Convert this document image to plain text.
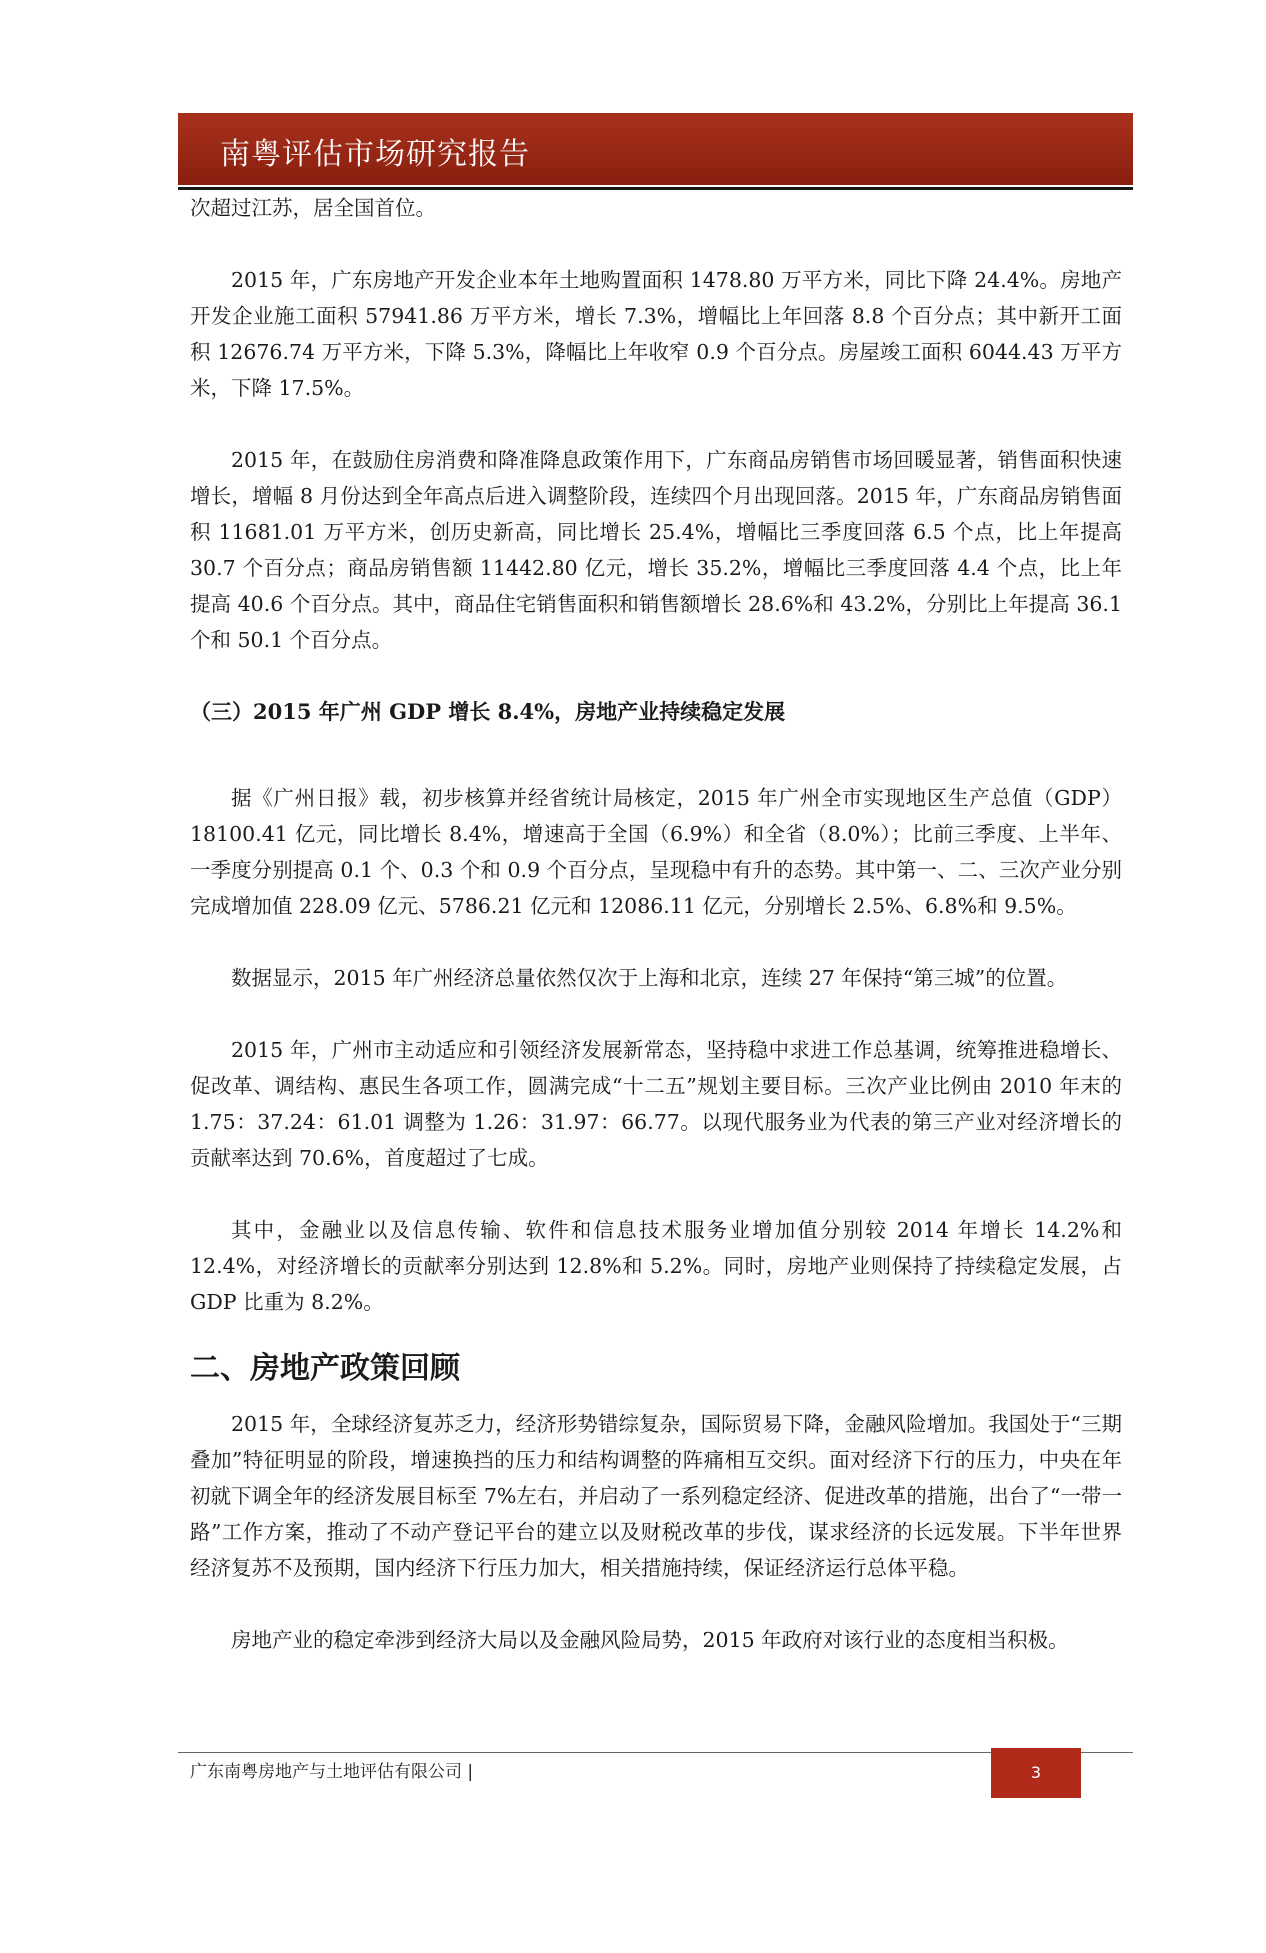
南粤评估市场研究报告

次超过江苏，居全国首位。

2015 年，广东房地产开发企业本年土地购置面积 1478.80 万平方米，同比下降 24.4%。房地产开发企业施工面积 57941.86 万平方米，增长 7.3%，增幅比上年回落 8.8 个百分点；其中新开工面积 12676.74 万平方米，下降 5.3%，降幅比上年收窄 0.9 个百分点。房屋竣工面积 6044.43 万平方米，下降 17.5%。

2015 年，在鼓励住房消费和降准降息政策作用下，广东商品房销售市场回暖显著，销售面积快速增长，增幅 8 月份达到全年高点后进入调整阶段，连续四个月出现回落。2015 年，广东商品房销售面积 11681.01 万平方米，创历史新高，同比增长 25.4%，增幅比三季度回落 6.5 个点，比上年提高 30.7 个百分点；商品房销售额 11442.80 亿元，增长 35.2%，增幅比三季度回落 4.4 个点，比上年提高 40.6 个百分点。其中，商品住宅销售面积和销售额增长 28.6%和 43.2%，分别比上年提高 36.1 个和 50.1 个百分点。

（三）2015 年广州 GDP 增长 8.4%，房地产业持续稳定发展

据《广州日报》载，初步核算并经省统计局核定，2015 年广州全市实现地区生产总值（GDP）18100.41 亿元，同比增长 8.4%，增速高于全国（6.9%）和全省（8.0%）；比前三季度、上半年、一季度分别提高 0.1 个、0.3 个和 0.9 个百分点，呈现稳中有升的态势。其中第一、二、三次产业分别完成增加值 228.09 亿元、5786.21 亿元和 12086.11 亿元，分别增长 2.5%、6.8%和 9.5%。

数据显示，2015 年广州经济总量依然仅次于上海和北京，连续 27 年保持“第三城”的位置。

2015 年，广州市主动适应和引领经济发展新常态，坚持稳中求进工作总基调，统筹推进稳增长、促改革、调结构、惠民生各项工作，圆满完成“十二五”规划主要目标。三次产业比例由 2010 年末的 1.75：37.24：61.01 调整为 1.26：31.97：66.77。以现代服务业为代表的第三产业对经济增长的贡献率达到 70.6%，首度超过了七成。

其中，金融业以及信息传输、软件和信息技术服务业增加值分别较 2014 年增长 14.2%和 12.4%，对经济增长的贡献率分别达到 12.8%和 5.2%。同时，房地产业则保持了持续稳定发展，占 GDP 比重为 8.2%。

二、房地产政策回顾

2015 年，全球经济复苏乏力，经济形势错综复杂，国际贸易下降，金融风险增加。我国处于“三期叠加”特征明显的阶段，增速换挡的压力和结构调整的阵痛相互交织。面对经济下行的压力，中央在年初就下调全年的经济发展目标至 7%左右，并启动了一系列稳定经济、促进改革的措施，出台了“一带一路”工作方案，推动了不动产登记平台的建立以及财税改革的步伐，谋求经济的长远发展。下半年世界经济复苏不及预期，国内经济下行压力加大，相关措施持续，保证经济运行总体平稳。

房地产业的稳定牵涉到经济大局以及金融风险局势，2015 年政府对该行业的态度相当积极。

广东南粤房地产与土地评估有限公司 |	3
